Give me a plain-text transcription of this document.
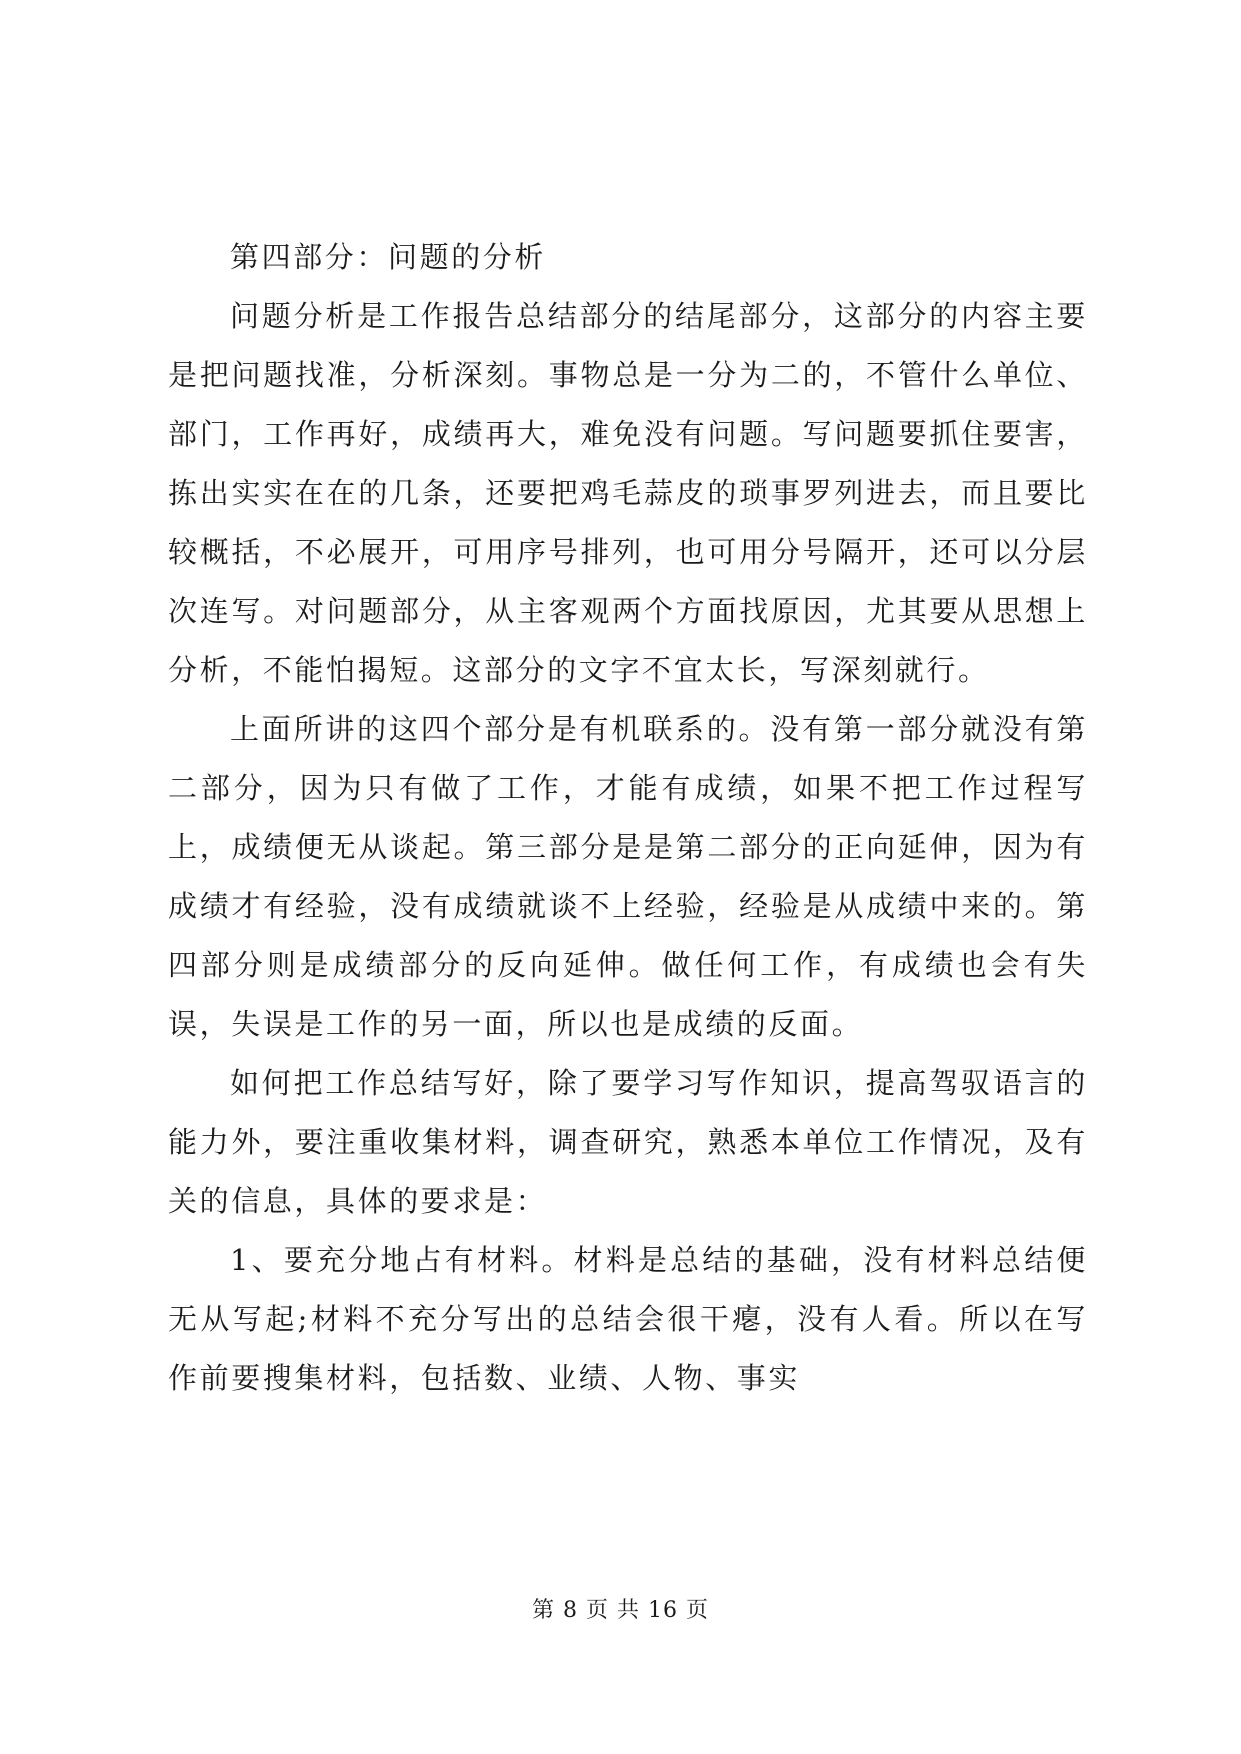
第四部分：问题的分析

问题分析是工作报告总结部分的结尾部分，这部分的内容主要是把问题找准，分析深刻。事物总是一分为二的，不管什么单位、部门，工作再好，成绩再大，难免没有问题。写问题要抓住要害，拣出实实在在的几条，还要把鸡毛蒜皮的琐事罗列进去，而且要比较概括，不必展开，可用序号排列，也可用分号隔开，还可以分层次连写。对问题部分，从主客观两个方面找原因，尤其要从思想上分析，不能怕揭短。这部分的文字不宜太长，写深刻就行。

上面所讲的这四个部分是有机联系的。没有第一部分就没有第二部分，因为只有做了工作，才能有成绩，如果不把工作过程写上，成绩便无从谈起。第三部分是是第二部分的正向延伸，因为有成绩才有经验，没有成绩就谈不上经验，经验是从成绩中来的。第四部分则是成绩部分的反向延伸。做任何工作，有成绩也会有失误，失误是工作的另一面，所以也是成绩的反面。

如何把工作总结写好，除了要学习写作知识，提高驾驭语言的能力外，要注重收集材料，调查研究，熟悉本单位工作情况，及有关的信息，具体的要求是：

1、要充分地占有材料。材料是总结的基础，没有材料总结便无从写起;材料不充分写出的总结会很干瘪，没有人看。所以在写作前要搜集材料，包括数、业绩、人物、事实

第 8 页 共 16 页
